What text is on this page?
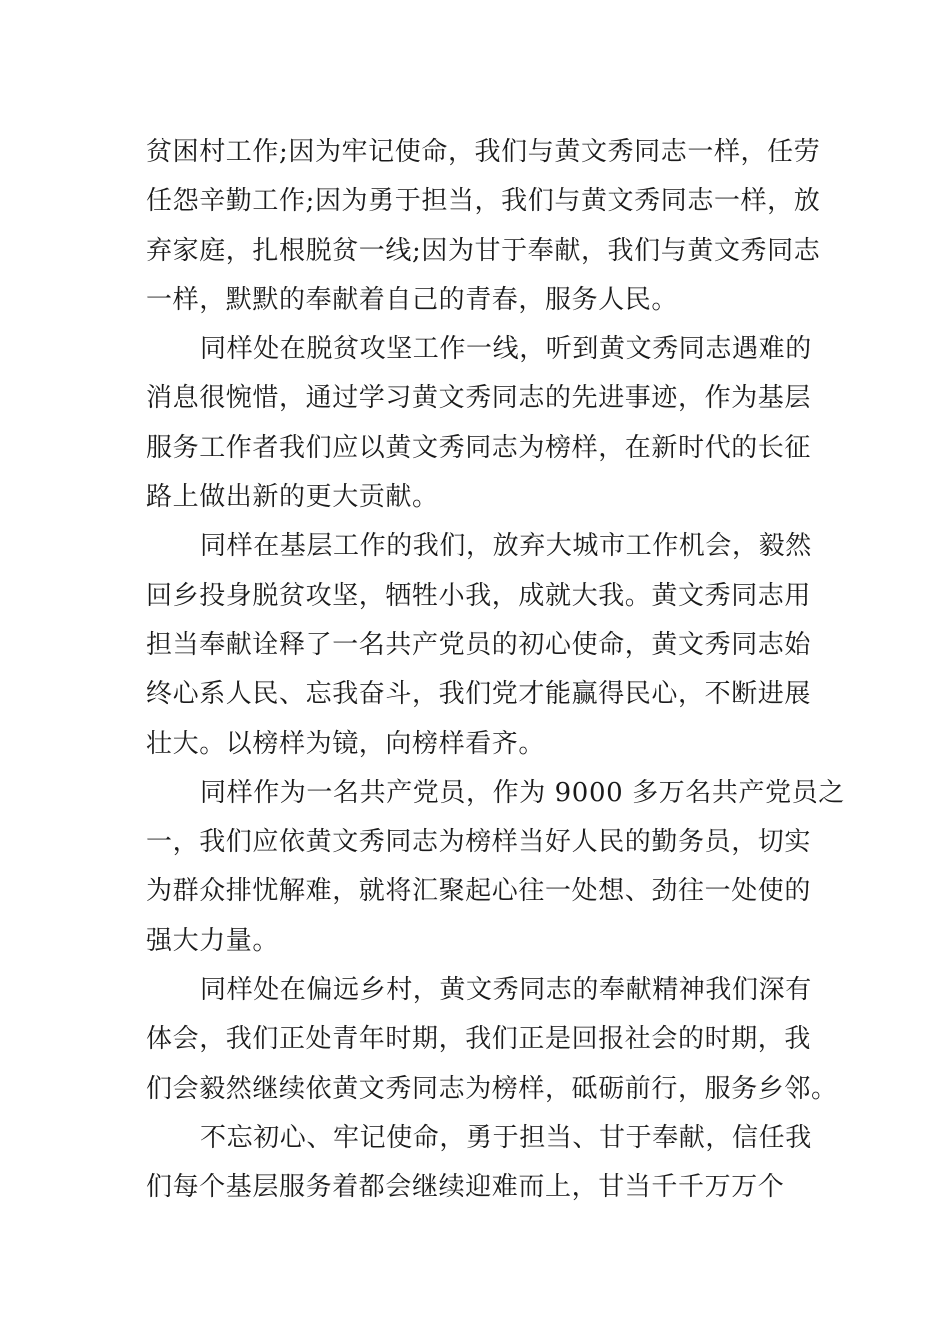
贫困村工作;因为牢记使命，我们与黄文秀同志一样，任劳
任怨辛勤工作;因为勇于担当，我们与黄文秀同志一样，放
弃家庭，扎根脱贫一线;因为甘于奉献，我们与黄文秀同志
一样，默默的奉献着自己的青春，服务人民。
同样处在脱贫攻坚工作一线，听到黄文秀同志遇难的
消息很惋惜，通过学习黄文秀同志的先进事迹，作为基层
服务工作者我们应以黄文秀同志为榜样，在新时代的长征
路上做出新的更大贡献。
同样在基层工作的我们，放弃大城市工作机会，毅然
回乡投身脱贫攻坚，牺牲小我，成就大我。黄文秀同志用
担当奉献诠释了一名共产党员的初心使命，黄文秀同志始
终心系人民、忘我奋斗，我们党才能赢得民心，不断进展
壮大。以榜样为镜，向榜样看齐。
同样作为一名共产党员，作为 9000 多万名共产党员之
一，我们应依黄文秀同志为榜样当好人民的勤务员，切实
为群众排忧解难，就将汇聚起心往一处想、劲往一处使的
强大力量。
同样处在偏远乡村，黄文秀同志的奉献精神我们深有
体会，我们正处青年时期，我们正是回报社会的时期，我
们会毅然继续依黄文秀同志为榜样，砥砺前行，服务乡邻。
不忘初心、牢记使命，勇于担当、甘于奉献，信任我
们每个基层服务着都会继续迎难而上，甘当千千万万个
